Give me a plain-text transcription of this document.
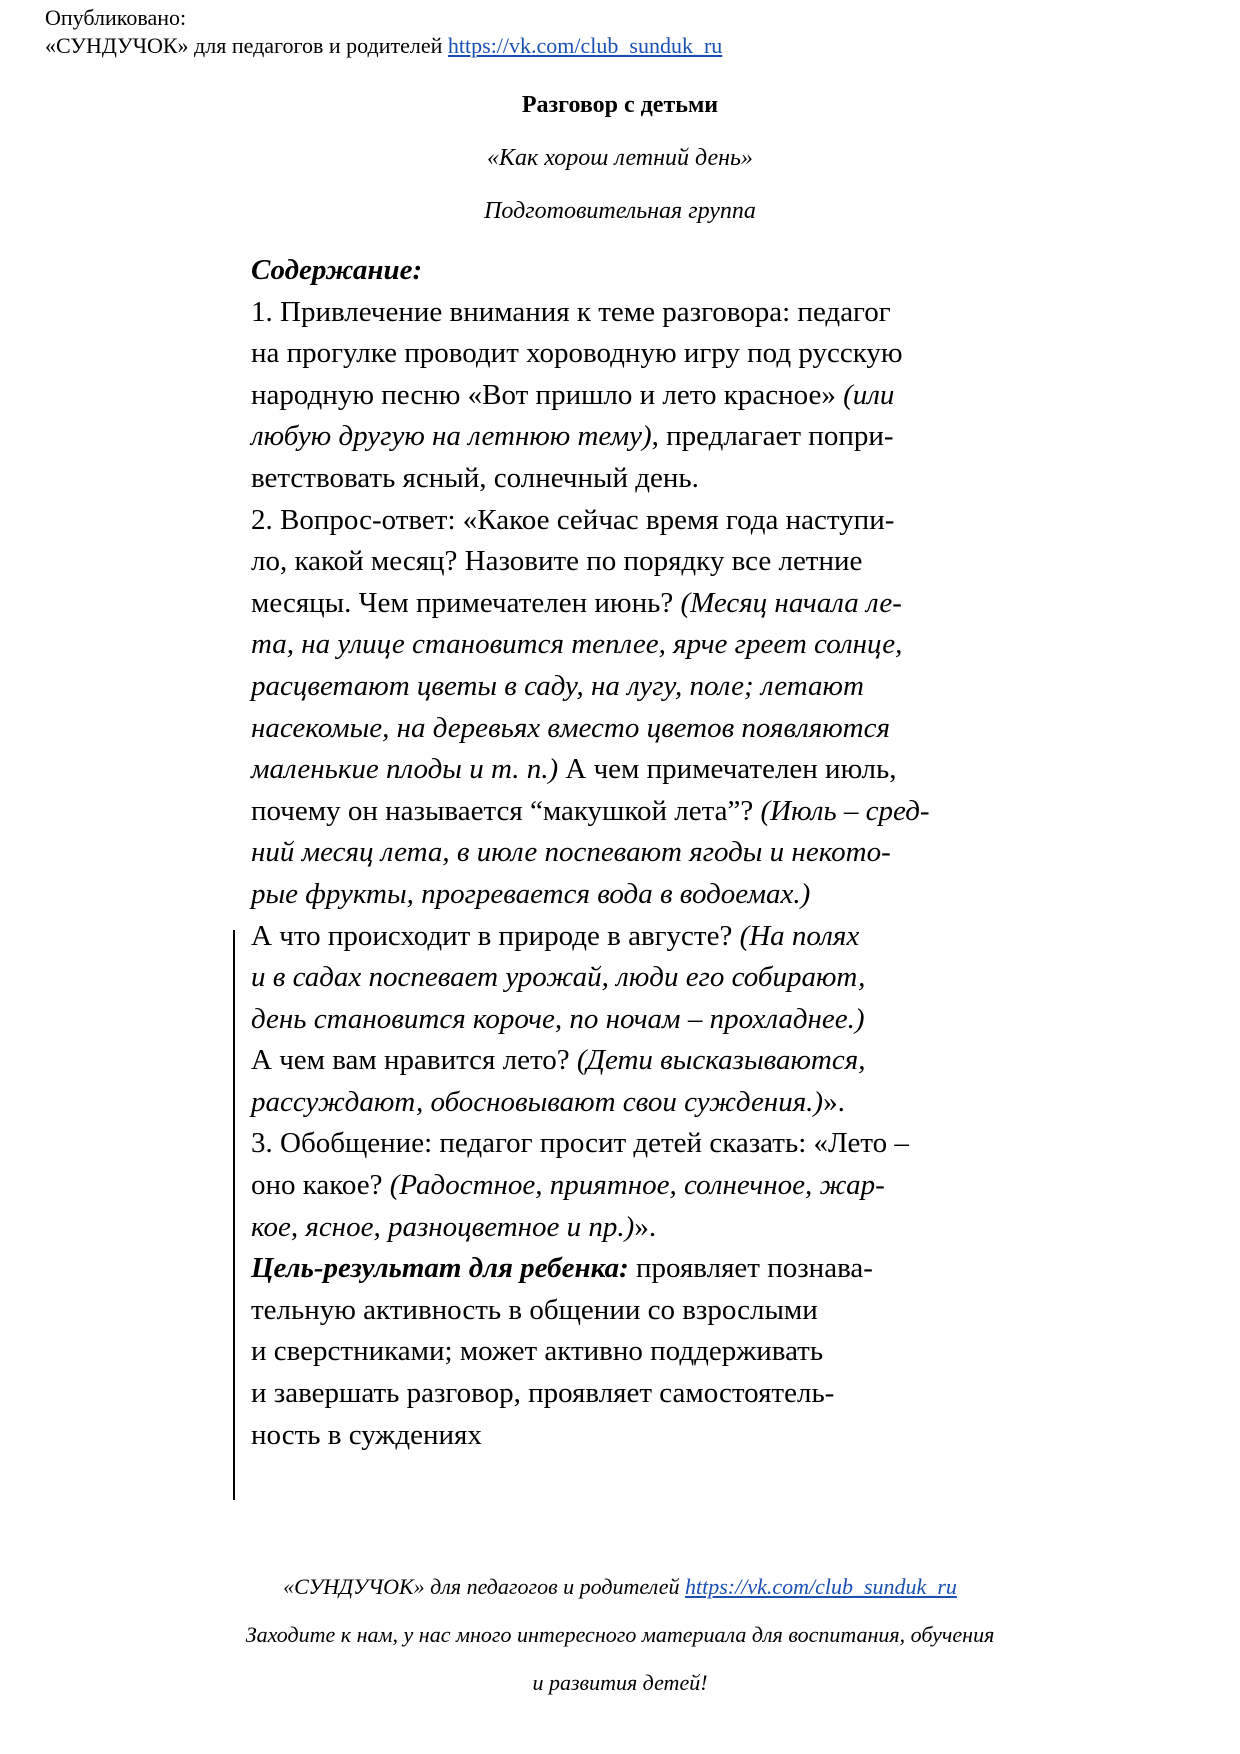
Опубликовано:
«СУНДУЧОК» для педагогов и родителей https://vk.com/club_sunduk_ru
Разговор с детьми
«Как хорош летний день»
Подготовительная группа
Содержание:
1. Привлечение внимания к теме разговора: педагог
на прогулке проводит хороводную игру под русскую
народную песню «Вот пришло и лето красное» (или
любую другую на летнюю тему), предлагает попри-
ветствовать ясный, солнечный день.
2. Вопрос-ответ: «Какое сейчас время года наступи-
ло, какой месяц? Назовите по порядку все летние
месяцы. Чем примечателен июнь? (Месяц начала ле-
та, на улице становится теплее, ярче греет солнце,
расцветают цветы в саду, на лугу, поле; летают
насекомые, на деревьях вместо цветов появляются
маленькие плоды и т. п.) А чем примечателен июль,
почему он называется “макушкой лета”? (Июль – сред-
ний месяц лета, в июле поспевают ягоды и некото-
рые фрукты, прогревается вода в водоемах.)
А что происходит в природе в августе? (На полях
и в садах поспевает урожай, люди его собирают,
день становится короче, по ночам – прохладнее.)
А чем вам нравится лето? (Дети высказываются,
рассуждают, обосновывают свои суждения.)».
3. Обобщение: педагог просит детей сказать: «Лето –
оно какое? (Радостное, приятное, солнечное, жар-
кое, ясное, разноцветное и пр.)».
Цель-результат для ребенка: проявляет познава-
тельную активность в общении со взрослыми
и сверстниками; может активно поддерживать
и завершать разговор, проявляет самостоятель-
ность в суждениях
«СУНДУЧОК» для педагогов и родителей https://vk.com/club_sunduk_ru
Заходите к нам, у нас много интересного материала для воспитания, обучения
и развития детей!
